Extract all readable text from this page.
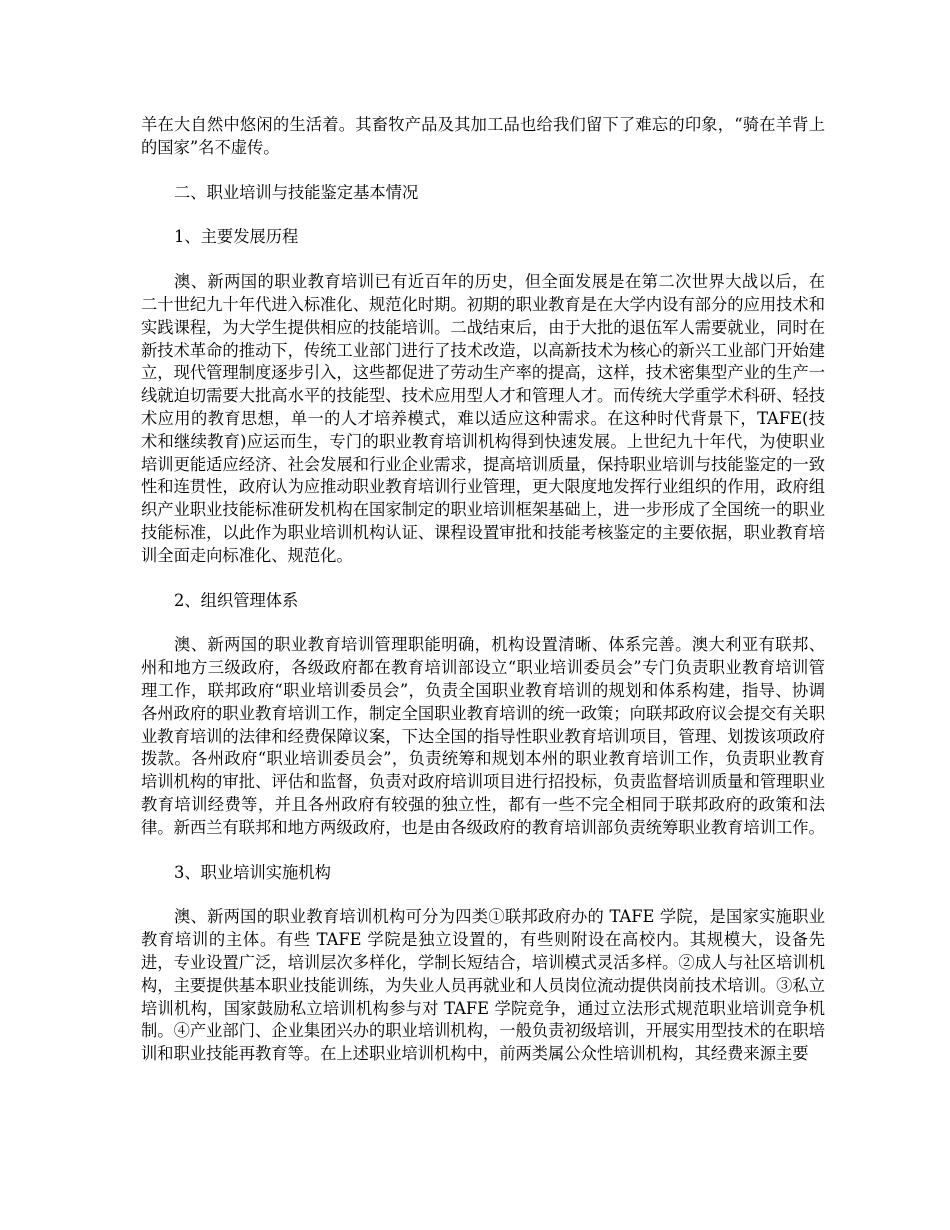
羊在大自然中悠闲的生活着。其畜牧产品及其加工品也给我们留下了难忘的印象，“骑在羊背上的国家”名不虚传。

二、职业培训与技能鉴定基本情况

1、主要发展历程

澳、新两国的职业教育培训已有近百年的历史，但全面发展是在第二次世界大战以后，在二十世纪九十年代进入标准化、规范化时期。初期的职业教育是在大学内设有部分的应用技术和实践课程，为大学生提供相应的技能培训。二战结束后，由于大批的退伍军人需要就业，同时在新技术革命的推动下，传统工业部门进行了技术改造，以高新技术为核心的新兴工业部门开始建立，现代管理制度逐步引入，这些都促进了劳动生产率的提高，这样，技术密集型产业的生产一线就迫切需要大批高水平的技能型、技术应用型人才和管理人才。而传统大学重学术科研、轻技术应用的教育思想，单一的人才培养模式，难以适应这种需求。在这种时代背景下，TAFE(技术和继续教育)应运而生，专门的职业教育培训机构得到快速发展。上世纪九十年代，为使职业培训更能适应经济、社会发展和行业企业需求，提高培训质量，保持职业培训与技能鉴定的一致性和连贯性，政府认为应推动职业教育培训行业管理，更大限度地发挥行业组织的作用，政府组织产业职业技能标准研发机构在国家制定的职业培训框架基础上，进一步形成了全国统一的职业技能标准，以此作为职业培训机构认证、课程设置审批和技能考核鉴定的主要依据，职业教育培训全面走向标准化、规范化。

2、组织管理体系

澳、新两国的职业教育培训管理职能明确，机构设置清晰、体系完善。澳大利亚有联邦、州和地方三级政府，各级政府都在教育培训部设立“职业培训委员会”专门负责职业教育培训管理工作，联邦政府“职业培训委员会”，负责全国职业教育培训的规划和体系构建，指导、协调各州政府的职业教育培训工作，制定全国职业教育培训的统一政策；向联邦政府议会提交有关职业教育培训的法律和经费保障议案，下达全国的指导性职业教育培训项目，管理、划拨该项政府拨款。各州政府“职业培训委员会”，负责统筹和规划本州的职业教育培训工作，负责职业教育培训机构的审批、评估和监督，负责对政府培训项目进行招投标，负责监督培训质量和管理职业教育培训经费等，并且各州政府有较强的独立性，都有一些不完全相同于联邦政府的政策和法律。新西兰有联邦和地方两级政府，也是由各级政府的教育培训部负责统筹职业教育培训工作。

3、职业培训实施机构

澳、新两国的职业教育培训机构可分为四类①联邦政府办的 TAFE 学院，是国家实施职业教育培训的主体。有些 TAFE 学院是独立设置的，有些则附设在高校内。其规模大，设备先进，专业设置广泛，培训层次多样化，学制长短结合，培训模式灵活多样。②成人与社区培训机构，主要提供基本职业技能训练，为失业人员再就业和人员岗位流动提供岗前技术培训。③私立培训机构，国家鼓励私立培训机构参与对 TAFE 学院竞争，通过立法形式规范职业培训竞争机制。④产业部门、企业集团兴办的职业培训机构，一般负责初级培训，开展实用型技术的在职培训和职业技能再教育等。在上述职业培训机构中，前两类属公众性培训机构，其经费来源主要
